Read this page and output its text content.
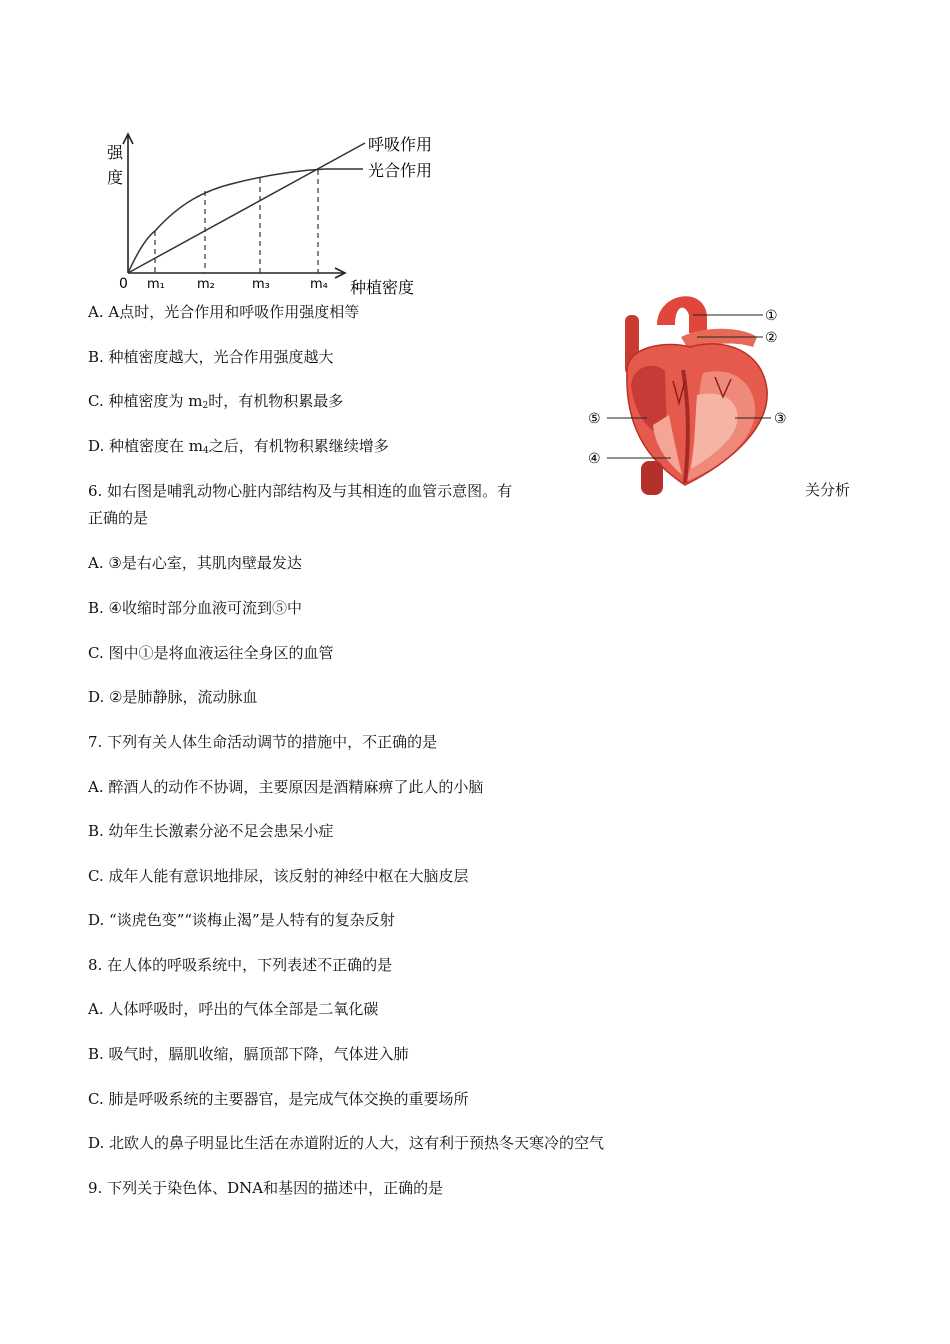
强
度
0 m₁ m₂	m₃	m₄ 种植密度
呼吸作用
光合作用
A. A点时，光合作用和呼吸作用强度相等
B. 种植密度越大，光合作用强度越大
C. 种植密度为 $m_2$时，有机物积累最多
D. 种植密度在 $m_4$之后，有机物积累继续增多
①
②
③
④
⑤
6. 如右图是哺乳动物心脏内部结构及与其相连的血管示意图。有	关分析
正确的是
A. ③是右心室，其肌肉壁最发达
B. ④收缩时部分血液可流到⑤中
C. 图中①是将血液运往全身区的血管
D. ②是肺静脉，流动脉血
7. 下列有关人体生命活动调节的措施中，不正确的是
A. 醉酒人的动作不协调，主要原因是酒精麻痹了此人的小脑
B. 幼年生长激素分泌不足会患呆小症
C. 成年人能有意识地排尿，该反射的神经中枢在大脑皮层
D. “谈虎色变”“谈梅止渴”是人特有的复杂反射
8. 在人体的呼吸系统中，下列表述不正确的是
A. 人体呼吸时，呼出的气体全部是二氧化碳
B. 吸气时，膈肌收缩，膈顶部下降，气体进入肺
C. 肺是呼吸系统的主要器官，是完成气体交换的重要场所
D. 北欧人的鼻子明显比生活在赤道附近的人大，这有利于预热冬天寒冷的空气
9. 下列关于染色体、DNA和基因的描述中，正确的是
